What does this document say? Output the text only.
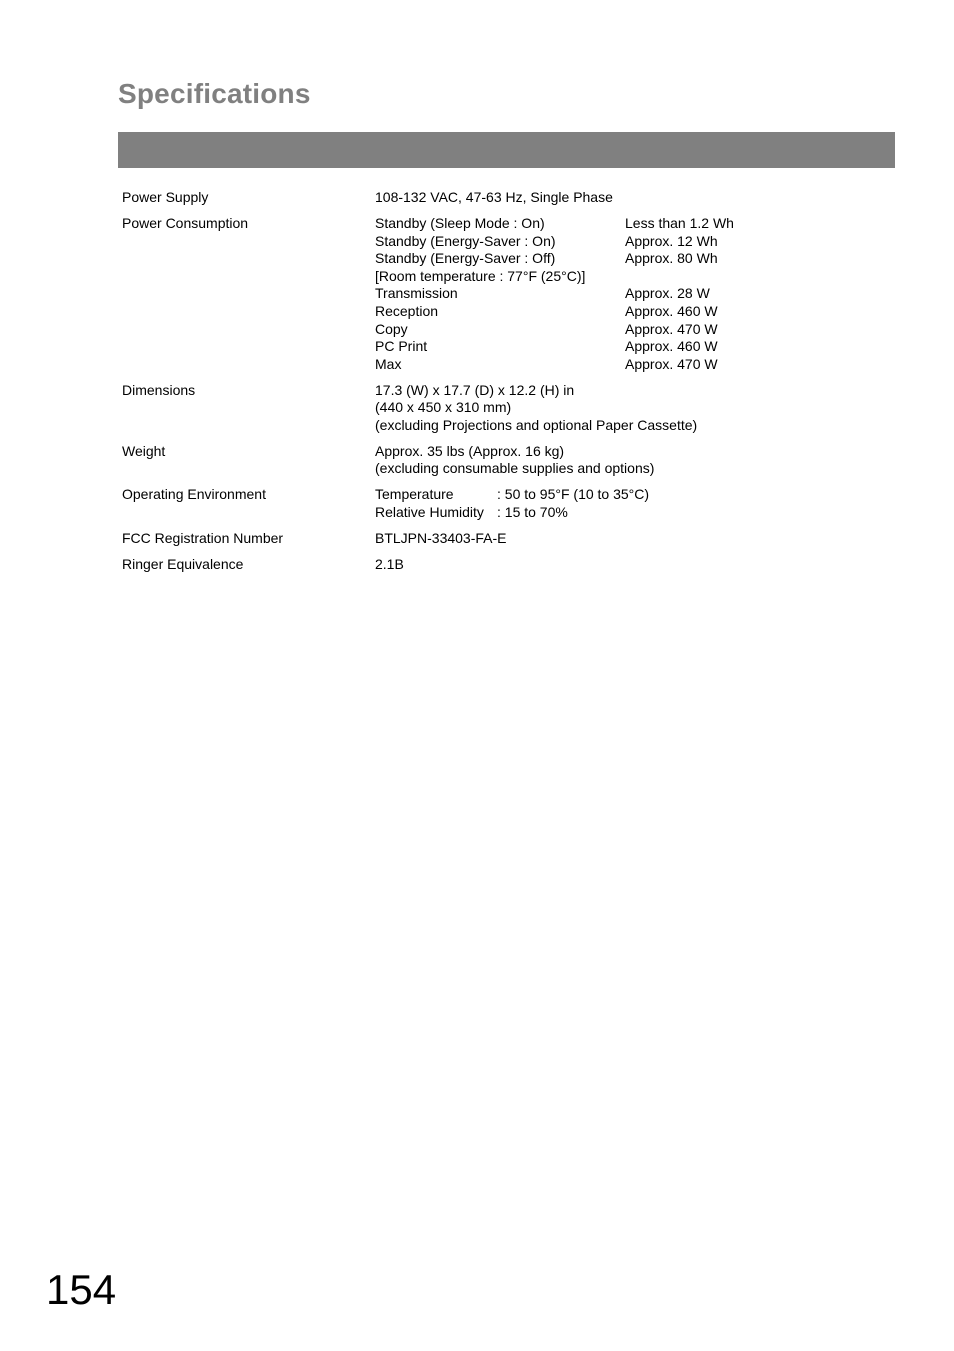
Specifications
Power Supply	108-132 VAC, 47-63 Hz, Single Phase
Power Consumption	Standby (Sleep Mode : On)	Less than 1.2 Wh
Standby (Energy-Saver : On)	Approx. 12 Wh
Standby (Energy-Saver : Off)	Approx. 80 Wh
[Room temperature : 77°F (25°C)]
Transmission	Approx. 28 W
Reception	Approx. 460 W
Copy	Approx. 470 W
PC Print	Approx. 460 W
Max	Approx. 470 W
Dimensions	17.3 (W) x 17.7 (D) x 12.2 (H) in
(440 x 450 x 310 mm)
(excluding Projections and optional Paper Cassette)
Weight	Approx. 35 lbs (Approx. 16 kg)
(excluding consumable supplies and options)
Operating Environment	Temperature	: 50 to 95°F (10 to 35°C)
Relative Humidity : 15 to 70%
FCC Registration Number	BTLJPN-33403-FA-E
Ringer Equivalence	2.1B
154
